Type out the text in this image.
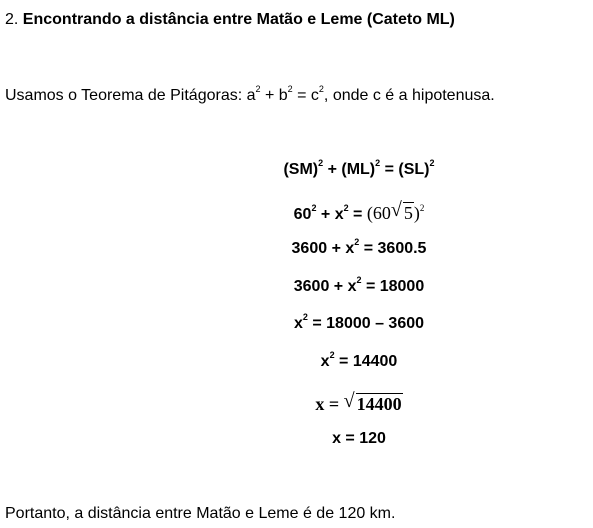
2. Encontrando a distância entre Matão e Leme (Cateto ML)
Usamos o Teorema de Pitágoras: $a^2 + b^2 = c^2$, onde c é a hipotenusa.
(SM)$^2$ + (ML)$^2$ = (SL)$^2$
$60^2 + x^2 = (60$ √ 5)$^2$
$3600 + x^2 = 3600.5$
$3600 + x^2 = 18000$
$x^2 = 18000 - 3600$
$x^2 = 14400$
x = √ 14400
x = 120
Portanto, a distância entre Matão e Leme é de 120 km.
